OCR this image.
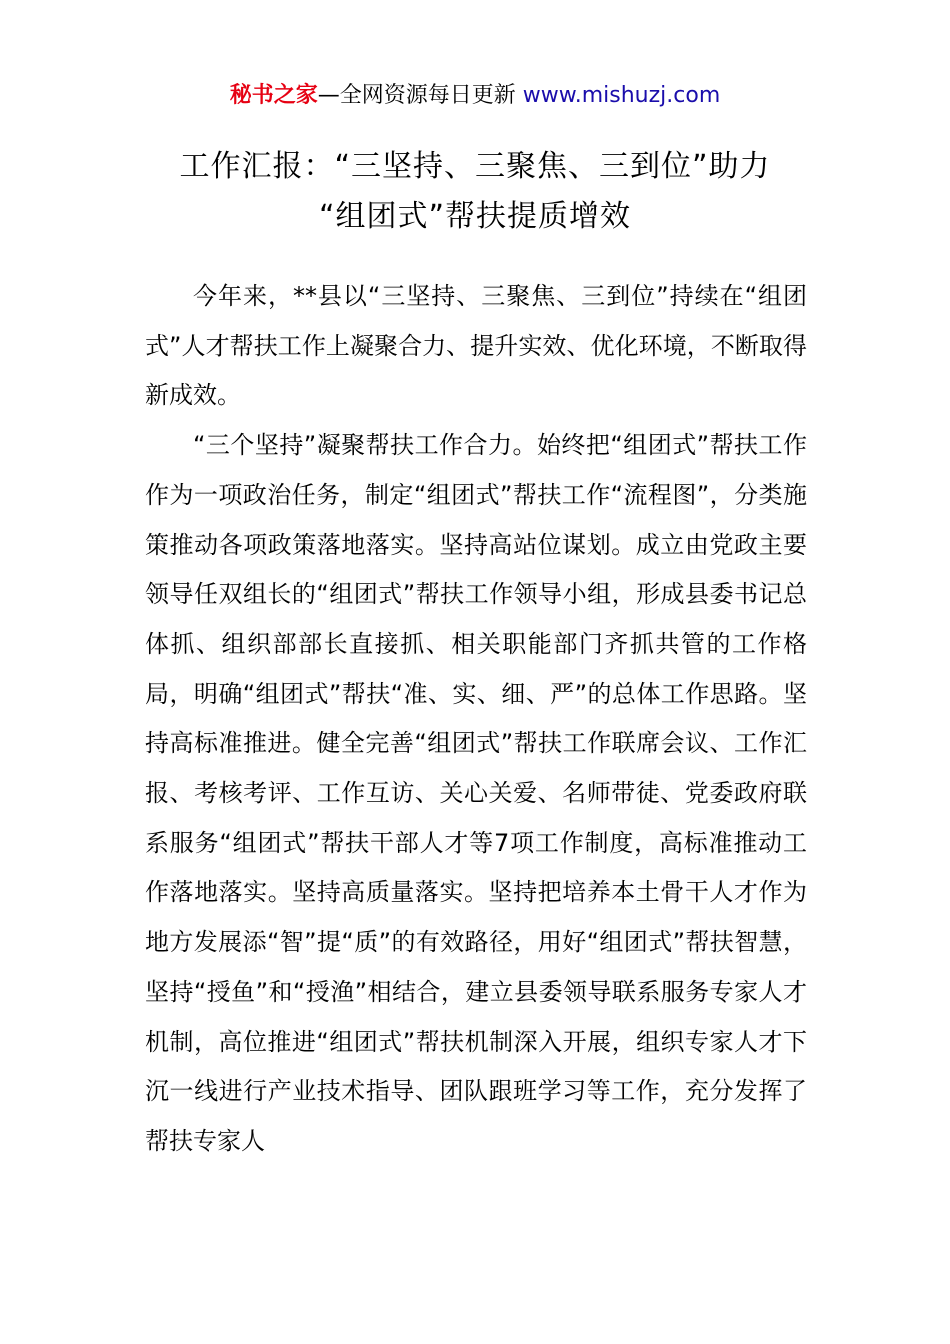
秘书之家—全网资源每日更新 www.mishuzj.com
工作汇报：“三坚持、三聚焦、三到位”助力
“组团式”帮扶提质增效

今年来，**县以“三坚持、三聚焦、三到位”持续在“组团式”人才帮扶工作上凝聚合力、提升实效、优化环境，不断取得新成效。

“三个坚持”凝聚帮扶工作合力。始终把“组团式”帮扶工作作为一项政治任务，制定“组团式”帮扶工作“流程图”，分类施策推动各项政策落地落实。坚持高站位谋划。成立由党政主要领导任双组长的“组团式”帮扶工作领导小组，形成县委书记总体抓、组织部部长直接抓、相关职能部门齐抓共管的工作格局，明确“组团式”帮扶“准、实、细、严”的总体工作思路。坚持高标准推进。健全完善“组团式”帮扶工作联席会议、工作汇报、考核考评、工作互访、关心关爱、名师带徒、党委政府联系服务“组团式”帮扶干部人才等7项工作制度，高标准推动工作落地落实。坚持高质量落实。坚持把培养本土骨干人才作为地方发展添“智”提“质”的有效路径，用好“组团式”帮扶智慧，坚持“授鱼”和“授渔”相结合，建立县委领导联系服务专家人才机制，高位推进“组团式”帮扶机制深入开展，组织专家人才下沉一线进行产业技术指导、团队跟班学习等工作，充分发挥了帮扶专家人
